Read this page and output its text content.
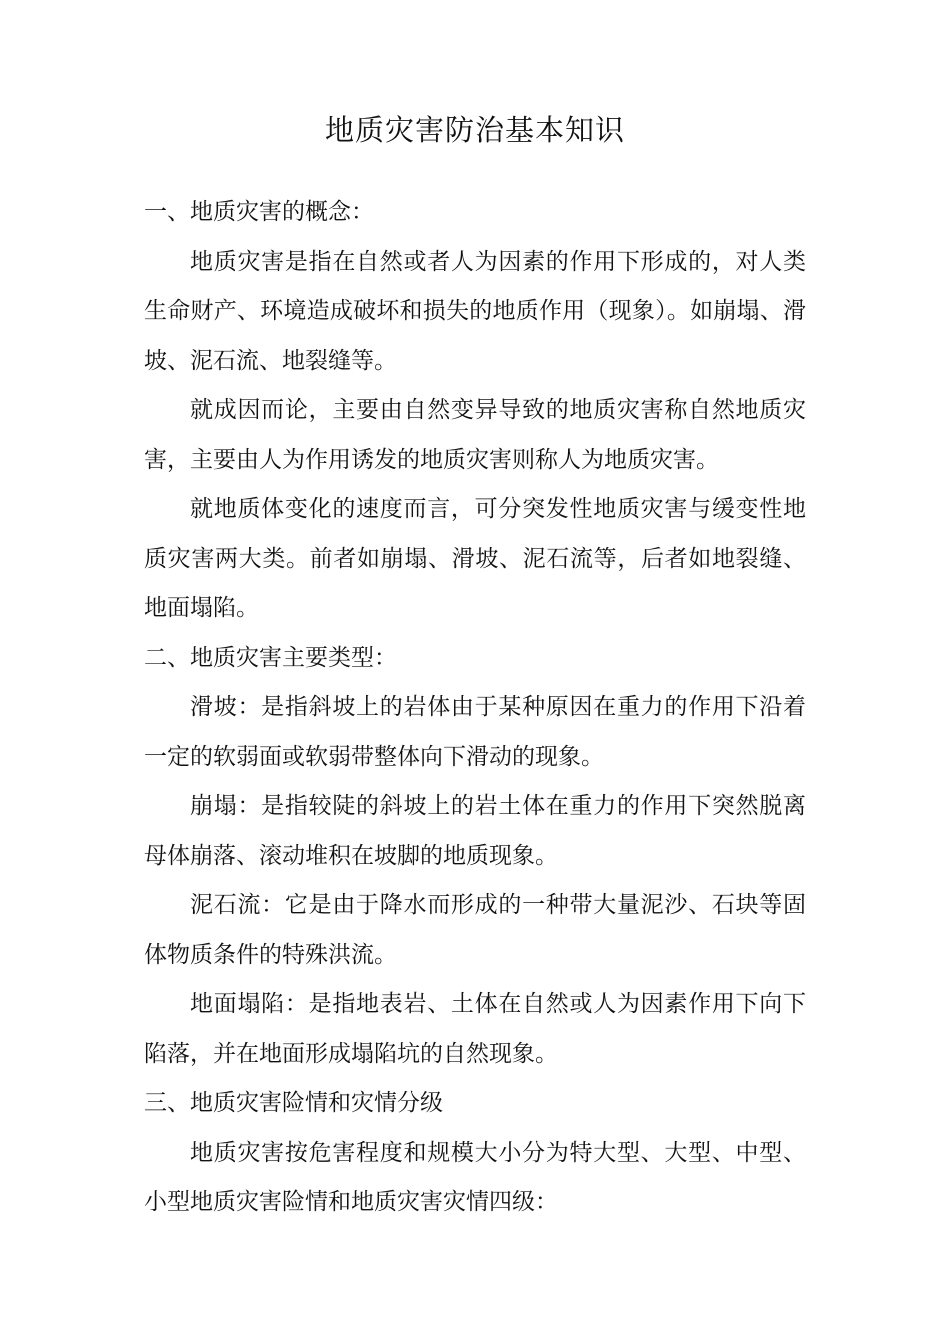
地质灾害防治基本知识

一、地质灾害的概念：

地质灾害是指在自然或者人为因素的作用下形成的，对人类生命财产、环境造成破坏和损失的地质作用（现象）。如崩塌、滑坡、泥石流、地裂缝等。

就成因而论，主要由自然变异导致的地质灾害称自然地质灾害，主要由人为作用诱发的地质灾害则称人为地质灾害。

就地质体变化的速度而言，可分突发性地质灾害与缓变性地质灾害两大类。前者如崩塌、滑坡、泥石流等，后者如地裂缝、地面塌陷。

二、地质灾害主要类型：

滑坡：是指斜坡上的岩体由于某种原因在重力的作用下沿着一定的软弱面或软弱带整体向下滑动的现象。

崩塌：是指较陡的斜坡上的岩土体在重力的作用下突然脱离母体崩落、滚动堆积在坡脚的地质现象。

泥石流：它是由于降水而形成的一种带大量泥沙、石块等固体物质条件的特殊洪流。

地面塌陷：是指地表岩、土体在自然或人为因素作用下向下陷落，并在地面形成塌陷坑的自然现象。

三、地质灾害险情和灾情分级

地质灾害按危害程度和规模大小分为特大型、大型、中型、小型地质灾害险情和地质灾害灾情四级：
